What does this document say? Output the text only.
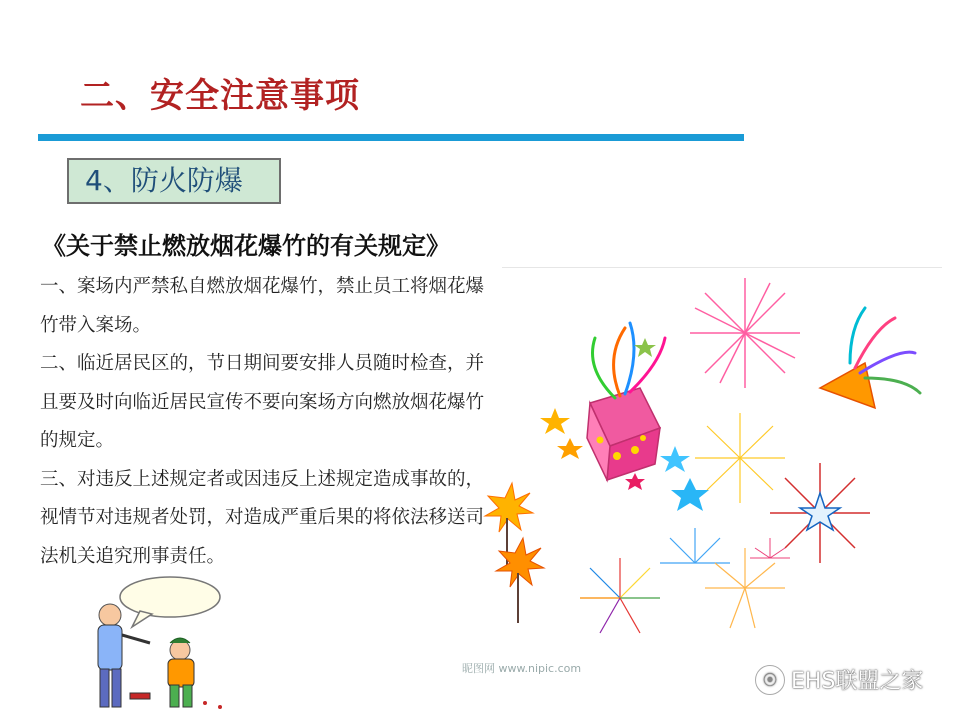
二、安全注意事项
4、防火防爆
《关于禁止燃放烟花爆竹的有关规定》

一、案场内严禁私自燃放烟花爆竹，禁止员工将烟花爆竹带入案场。

二、临近居民区的，节日期间要安排人员随时检查，并且要及时向临近居民宣传不要向案场方向燃放烟花爆竹的规定。

三、对违反上述规定者或因违反上述规定造成事故的，视情节对违规者处罚，对造成严重后果的将依法移送司法机关追究刑事责任。

昵图网 www.nipic.com
⦿ EHS联盟之家
